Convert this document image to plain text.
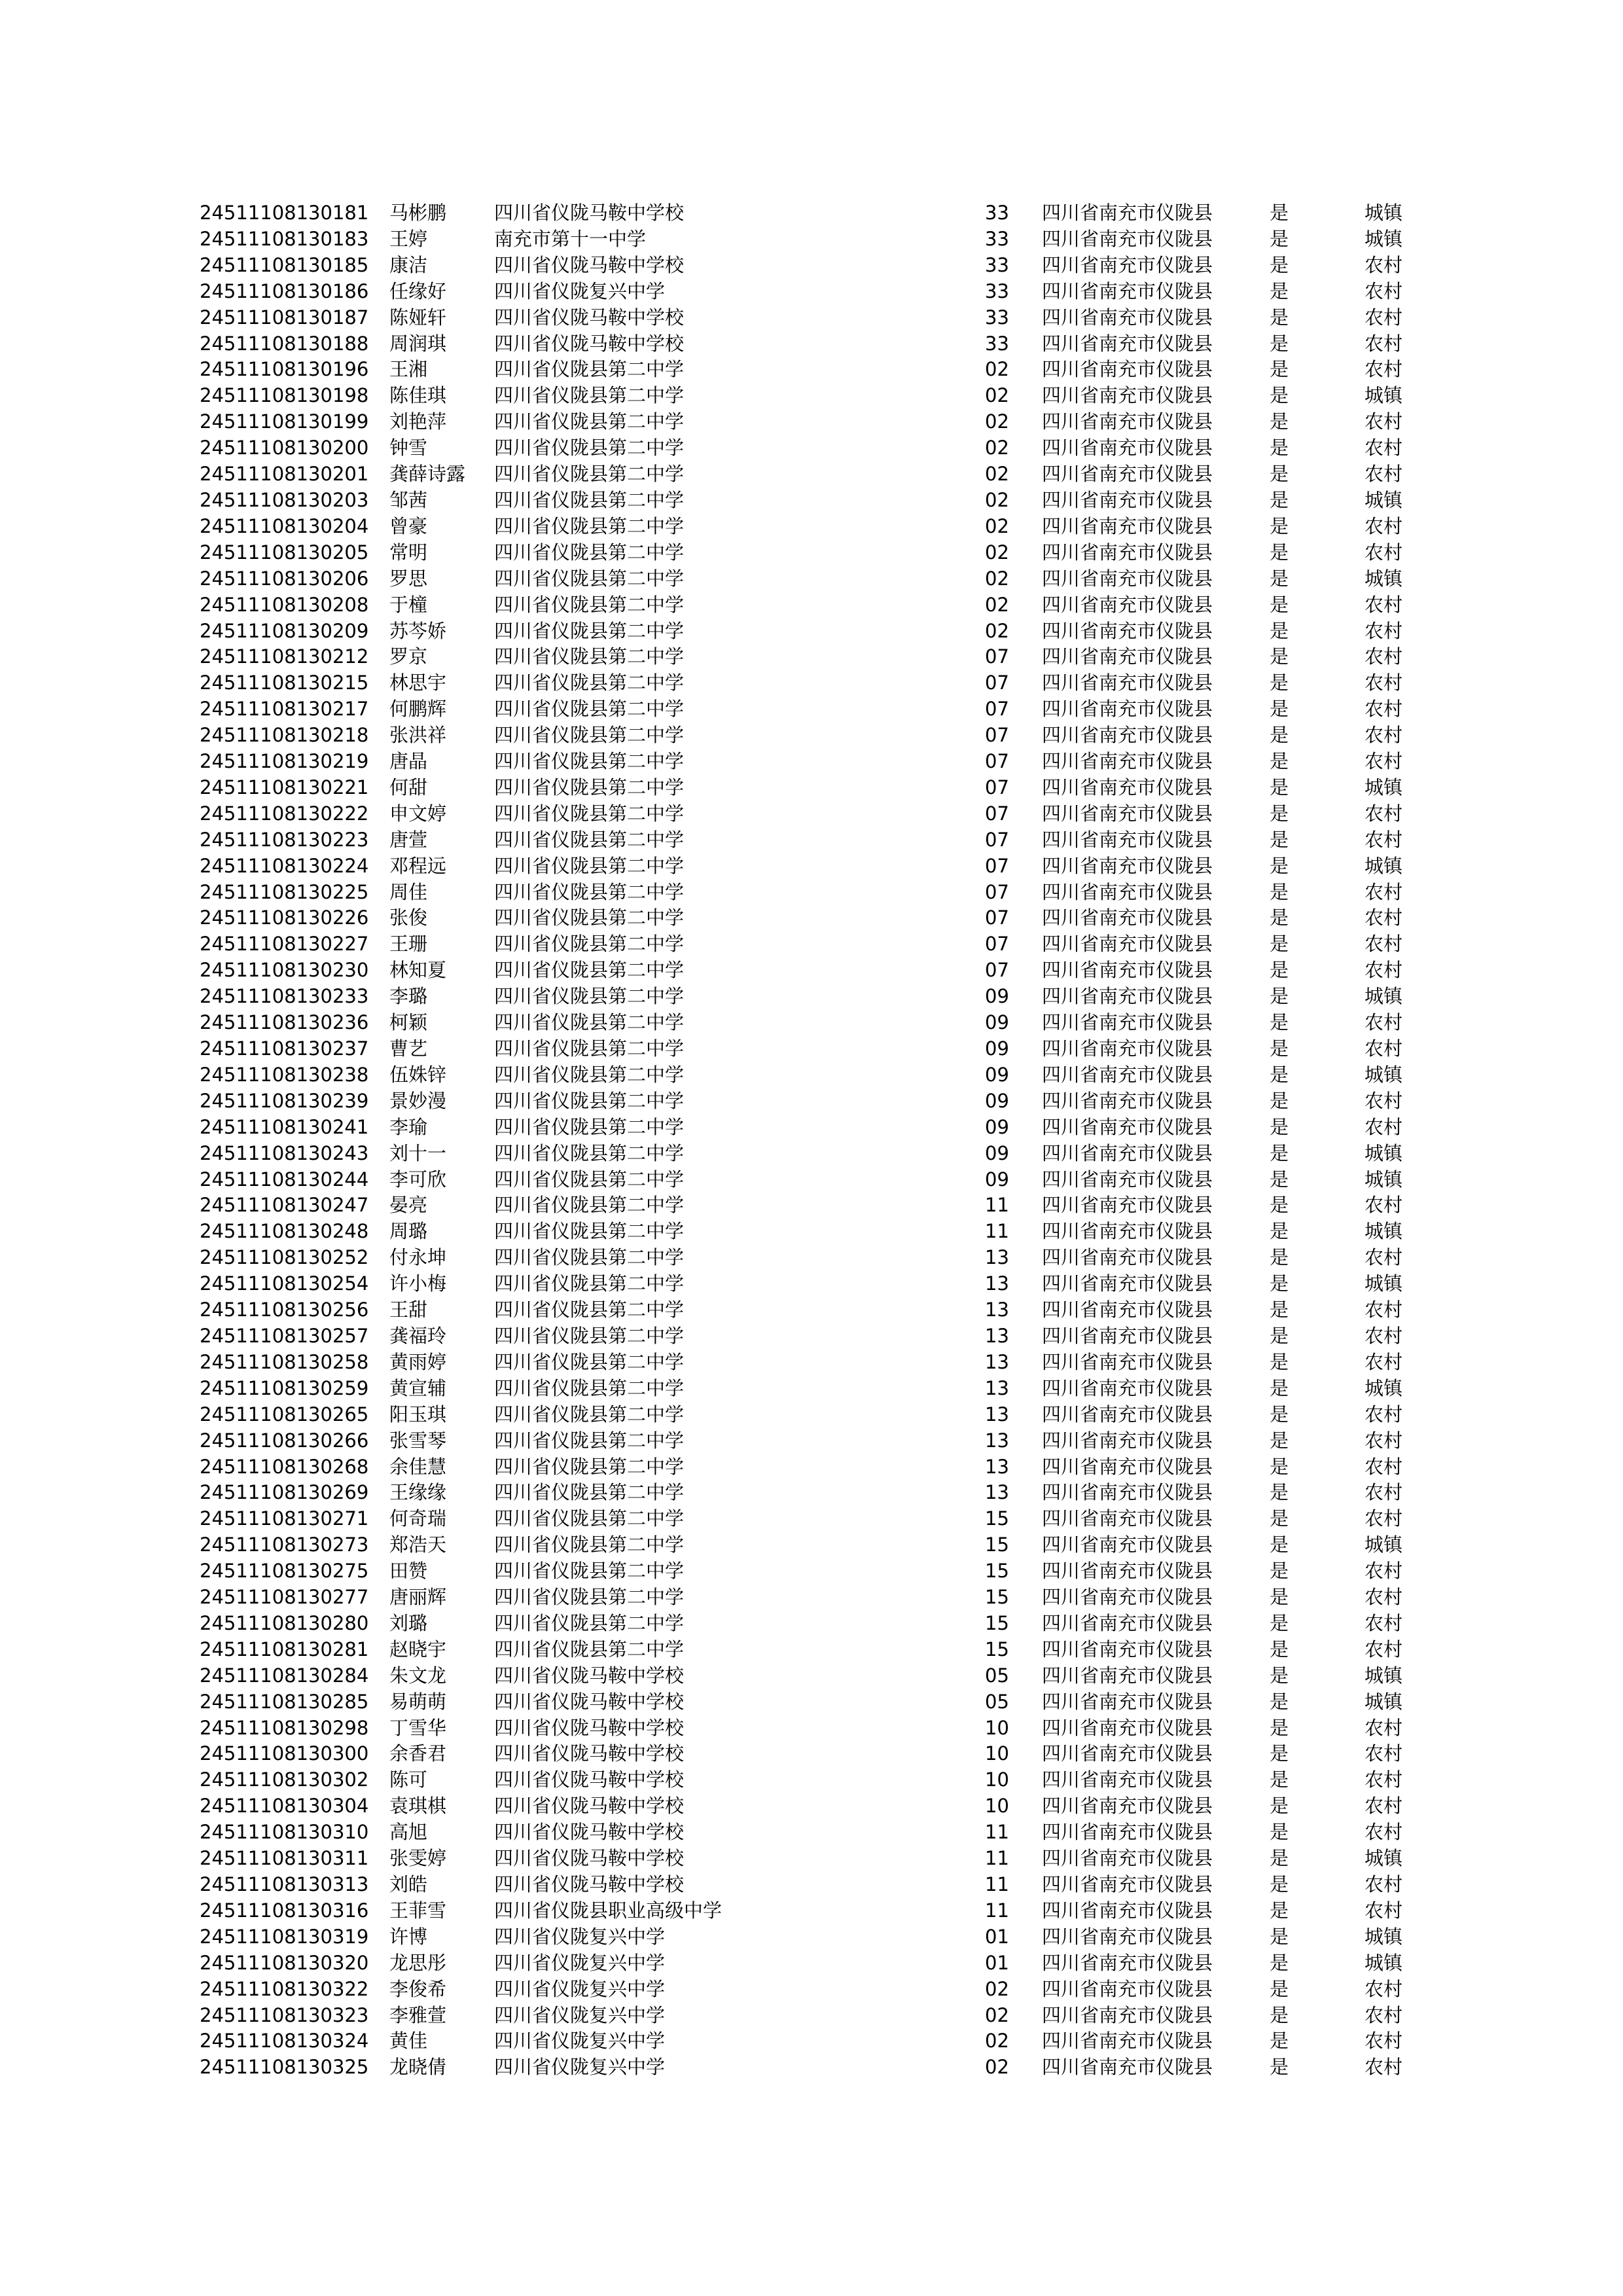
24511108130181 马彬鹏	四川省仪陇马鞍中学校	33 四川省南充市仪陇县	是	城镇
24511108130183 王婷	南充市第十一中学	33 四川省南充市仪陇县	是	城镇
24511108130185 康洁	四川省仪陇马鞍中学校	33 四川省南充市仪陇县	是	农村
24511108130186 任缘好	四川省仪陇复兴中学	33 四川省南充市仪陇县	是	农村
24511108130187 陈娅轩	四川省仪陇马鞍中学校	33 四川省南充市仪陇县	是	农村
24511108130188 周润琪	四川省仪陇马鞍中学校	33 四川省南充市仪陇县	是	农村
24511108130196 王湘	四川省仪陇县第二中学	02 四川省南充市仪陇县	是	农村
24511108130198 陈佳琪	四川省仪陇县第二中学	02 四川省南充市仪陇县	是	城镇
24511108130199 刘艳萍	四川省仪陇县第二中学	02 四川省南充市仪陇县	是	农村
24511108130200 钟雪	四川省仪陇县第二中学	02 四川省南充市仪陇县	是	农村
24511108130201 龚薛诗露 四川省仪陇县第二中学	02 四川省南充市仪陇县	是	农村
24511108130203 邹茜	四川省仪陇县第二中学	02 四川省南充市仪陇县	是	城镇
24511108130204 曾豪	四川省仪陇县第二中学	02 四川省南充市仪陇县	是	农村
24511108130205 常明	四川省仪陇县第二中学	02 四川省南充市仪陇县	是	农村
24511108130206 罗思	四川省仪陇县第二中学	02 四川省南充市仪陇县	是	城镇
24511108130208 于橦	四川省仪陇县第二中学	02 四川省南充市仪陇县	是	农村
24511108130209 苏芩娇	四川省仪陇县第二中学	02 四川省南充市仪陇县	是	农村
24511108130212 罗京	四川省仪陇县第二中学	07 四川省南充市仪陇县	是	农村
24511108130215 林思宇	四川省仪陇县第二中学	07 四川省南充市仪陇县	是	农村
24511108130217 何鹏辉	四川省仪陇县第二中学	07 四川省南充市仪陇县	是	农村
24511108130218 张洪祥	四川省仪陇县第二中学	07 四川省南充市仪陇县	是	农村
24511108130219 唐晶	四川省仪陇县第二中学	07 四川省南充市仪陇县	是	农村
24511108130221 何甜	四川省仪陇县第二中学	07 四川省南充市仪陇县	是	城镇
24511108130222 申文婷	四川省仪陇县第二中学	07 四川省南充市仪陇县	是	农村
24511108130223 唐萱	四川省仪陇县第二中学	07 四川省南充市仪陇县	是	农村
24511108130224 邓程远	四川省仪陇县第二中学	07 四川省南充市仪陇县	是	城镇
24511108130225 周佳	四川省仪陇县第二中学	07 四川省南充市仪陇县	是	农村
24511108130226 张俊	四川省仪陇县第二中学	07 四川省南充市仪陇县	是	农村
24511108130227 王珊	四川省仪陇县第二中学	07 四川省南充市仪陇县	是	农村
24511108130230 林知夏	四川省仪陇县第二中学	07 四川省南充市仪陇县	是	农村
24511108130233 李璐	四川省仪陇县第二中学	09 四川省南充市仪陇县	是	城镇
24511108130236 柯颖	四川省仪陇县第二中学	09 四川省南充市仪陇县	是	农村
24511108130237 曹艺	四川省仪陇县第二中学	09 四川省南充市仪陇县	是	农村
24511108130238 伍姝锌	四川省仪陇县第二中学	09 四川省南充市仪陇县	是	城镇
24511108130239 景妙漫	四川省仪陇县第二中学	09 四川省南充市仪陇县	是	农村
24511108130241 李瑜	四川省仪陇县第二中学	09 四川省南充市仪陇县	是	农村
24511108130243 刘十一	四川省仪陇县第二中学	09 四川省南充市仪陇县	是	城镇
24511108130244 李可欣	四川省仪陇县第二中学	09 四川省南充市仪陇县	是	城镇
24511108130247 晏亮	四川省仪陇县第二中学	11 四川省南充市仪陇县	是	农村
24511108130248 周璐	四川省仪陇县第二中学	11 四川省南充市仪陇县	是	城镇
24511108130252 付永坤	四川省仪陇县第二中学	13 四川省南充市仪陇县	是	农村
24511108130254 许小梅	四川省仪陇县第二中学	13 四川省南充市仪陇县	是	城镇
24511108130256 王甜	四川省仪陇县第二中学	13 四川省南充市仪陇县	是	农村
24511108130257 龚福玲	四川省仪陇县第二中学	13 四川省南充市仪陇县	是	农村
24511108130258 黄雨婷	四川省仪陇县第二中学	13 四川省南充市仪陇县	是	农村
24511108130259 黄宣辅	四川省仪陇县第二中学	13 四川省南充市仪陇县	是	城镇
24511108130265 阳玉琪	四川省仪陇县第二中学	13 四川省南充市仪陇县	是	农村
24511108130266 张雪琴	四川省仪陇县第二中学	13 四川省南充市仪陇县	是	农村
24511108130268 余佳慧	四川省仪陇县第二中学	13 四川省南充市仪陇县	是	农村
24511108130269 王缘缘	四川省仪陇县第二中学	13 四川省南充市仪陇县	是	农村
24511108130271 何奇瑞	四川省仪陇县第二中学	15 四川省南充市仪陇县	是	农村
24511108130273 郑浩天	四川省仪陇县第二中学	15 四川省南充市仪陇县	是	城镇
24511108130275 田赞	四川省仪陇县第二中学	15 四川省南充市仪陇县	是	农村
24511108130277 唐丽辉	四川省仪陇县第二中学	15 四川省南充市仪陇县	是	农村
24511108130280 刘璐	四川省仪陇县第二中学	15 四川省南充市仪陇县	是	农村
24511108130281 赵晓宇	四川省仪陇县第二中学	15 四川省南充市仪陇县	是	农村
24511108130284 朱文龙	四川省仪陇马鞍中学校	05 四川省南充市仪陇县	是	城镇
24511108130285 易萌萌	四川省仪陇马鞍中学校	05 四川省南充市仪陇县	是	城镇
24511108130298 丁雪华	四川省仪陇马鞍中学校	10 四川省南充市仪陇县	是	农村
24511108130300 余香君	四川省仪陇马鞍中学校	10 四川省南充市仪陇县	是	农村
24511108130302 陈可	四川省仪陇马鞍中学校	10 四川省南充市仪陇县	是	农村
24511108130304 袁琪棋	四川省仪陇马鞍中学校	10 四川省南充市仪陇县	是	农村
24511108130310 高旭	四川省仪陇马鞍中学校	11 四川省南充市仪陇县	是	农村
24511108130311 张雯婷	四川省仪陇马鞍中学校	11 四川省南充市仪陇县	是	城镇
24511108130313 刘皓	四川省仪陇马鞍中学校	11 四川省南充市仪陇县	是	农村
24511108130316 王菲雪	四川省仪陇县职业高级中学	11 四川省南充市仪陇县	是	农村
24511108130319 许博	四川省仪陇复兴中学	01 四川省南充市仪陇县	是	城镇
24511108130320 龙思彤	四川省仪陇复兴中学	01 四川省南充市仪陇县	是	城镇
24511108130322 李俊希	四川省仪陇复兴中学	02 四川省南充市仪陇县	是	农村
24511108130323 李雅萱	四川省仪陇复兴中学	02 四川省南充市仪陇县	是	农村
24511108130324 黄佳	四川省仪陇复兴中学	02 四川省南充市仪陇县	是	农村
24511108130325 龙晓倩	四川省仪陇复兴中学	02 四川省南充市仪陇县	是	农村
